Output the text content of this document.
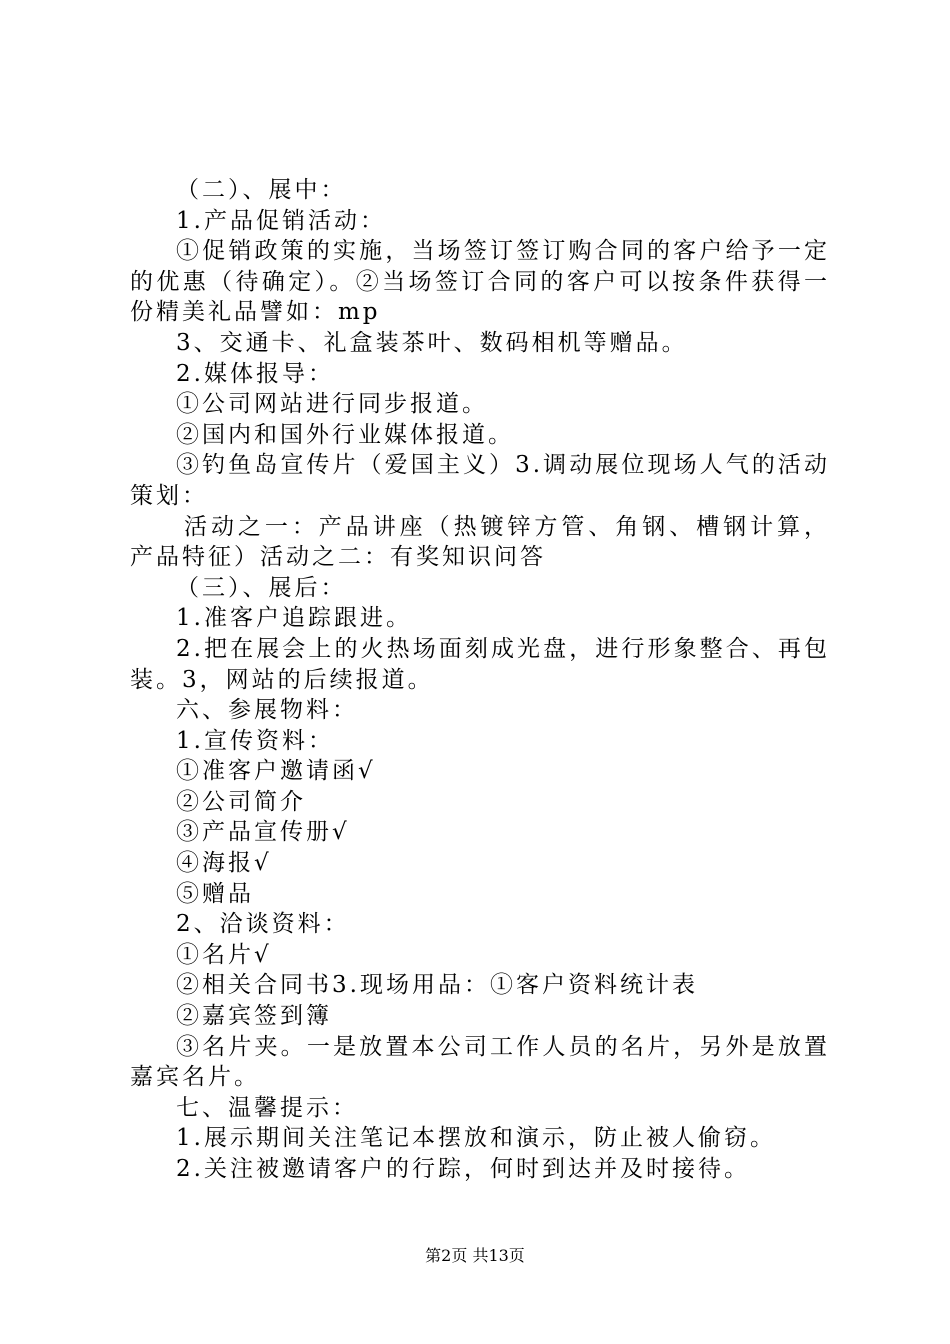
（二）、展中：

1.产品促销活动：

①促销政策的实施，当场签订签订购合同的客户给予一定的优惠（待确定）。②当场签订合同的客户可以按条件获得一份精美礼品譬如：mp

3、交通卡、礼盒装茶叶、数码相机等赠品。

2.媒体报导：

①公司网站进行同步报道。

②国内和国外行业媒体报道。

③钓鱼岛宣传片（爱国主义）3.调动展位现场人气的活动策划：

活动之一：产品讲座（热镀锌方管、角钢、槽钢计算，产品特征）活动之二：有奖知识问答

（三）、展后：

1.准客户追踪跟进。

2.把在展会上的火热场面刻成光盘，进行形象整合、再包装。3，网站的后续报道。

六、参展物料：

1.宣传资料：

①准客户邀请函√

②公司简介

③产品宣传册√

④海报√

⑤赠品

2、洽谈资料：

①名片√

②相关合同书3.现场用品：①客户资料统计表

②嘉宾签到簿

③名片夹。一是放置本公司工作人员的名片，另外是放置嘉宾名片。

七、温馨提示：

1.展示期间关注笔记本摆放和演示，防止被人偷窃。

2.关注被邀请客户的行踪，何时到达并及时接待。

第2页 共13页
